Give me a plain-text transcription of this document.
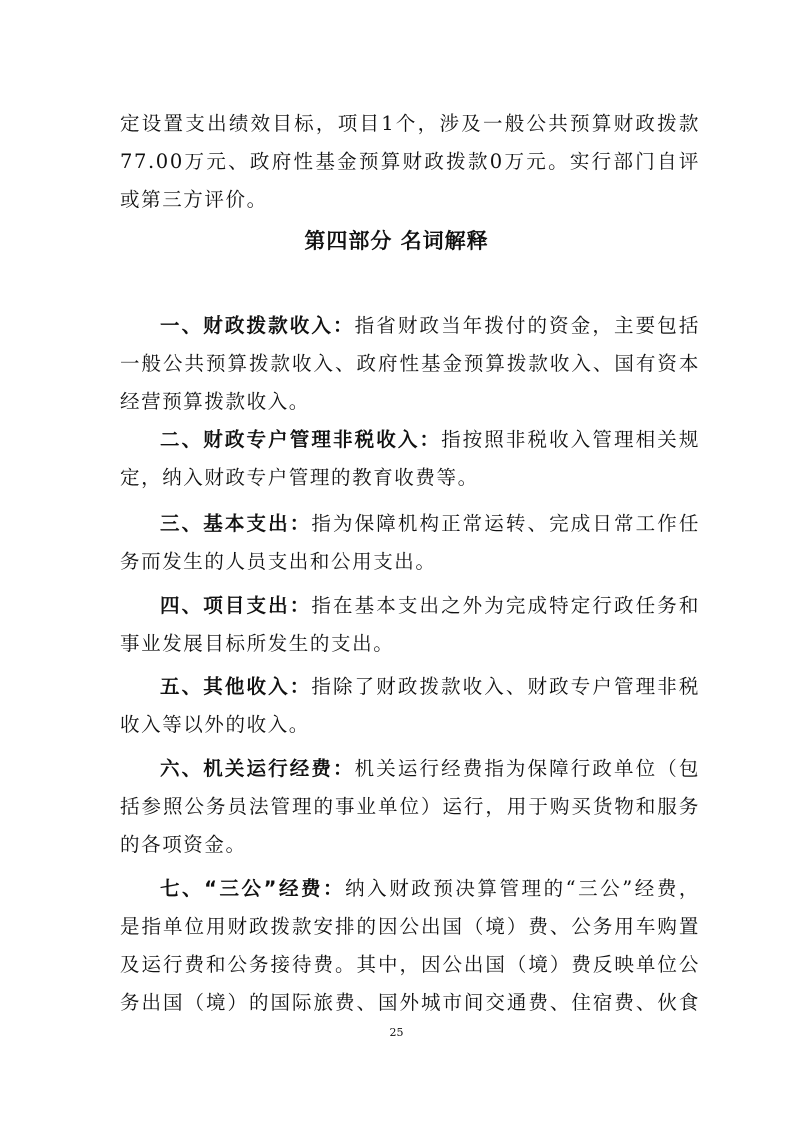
定设置支出绩效目标，项目1个，涉及一般公共预算财政拨款
77.00万元、政府性基金预算财政拨款0万元。实行部门自评
或第三方评价。
第四部分 名词解释
一、财政拨款收入：指省财政当年拨付的资金，主要包括
一般公共预算拨款收入、政府性基金预算拨款收入、国有资本
经营预算拨款收入。
二、财政专户管理非税收入：指按照非税收入管理相关规
定，纳入财政专户管理的教育收费等。
三、基本支出：指为保障机构正常运转、完成日常工作任
务而发生的人员支出和公用支出。
四、项目支出：指在基本支出之外为完成特定行政任务和
事业发展目标所发生的支出。
五、其他收入：指除了财政拨款收入、财政专户管理非税
收入等以外的收入。
六、机关运行经费：机关运行经费指为保障行政单位（包
括参照公务员法管理的事业单位）运行，用于购买货物和服务
的各项资金。
七、“三公”经费：纳入财政预决算管理的“三公”经费，
是指单位用财政拨款安排的因公出国（境）费、公务用车购置
及运行费和公务接待费。其中，因公出国（境）费反映单位公
务出国（境）的国际旅费、国外城市间交通费、住宿费、伙食
25
